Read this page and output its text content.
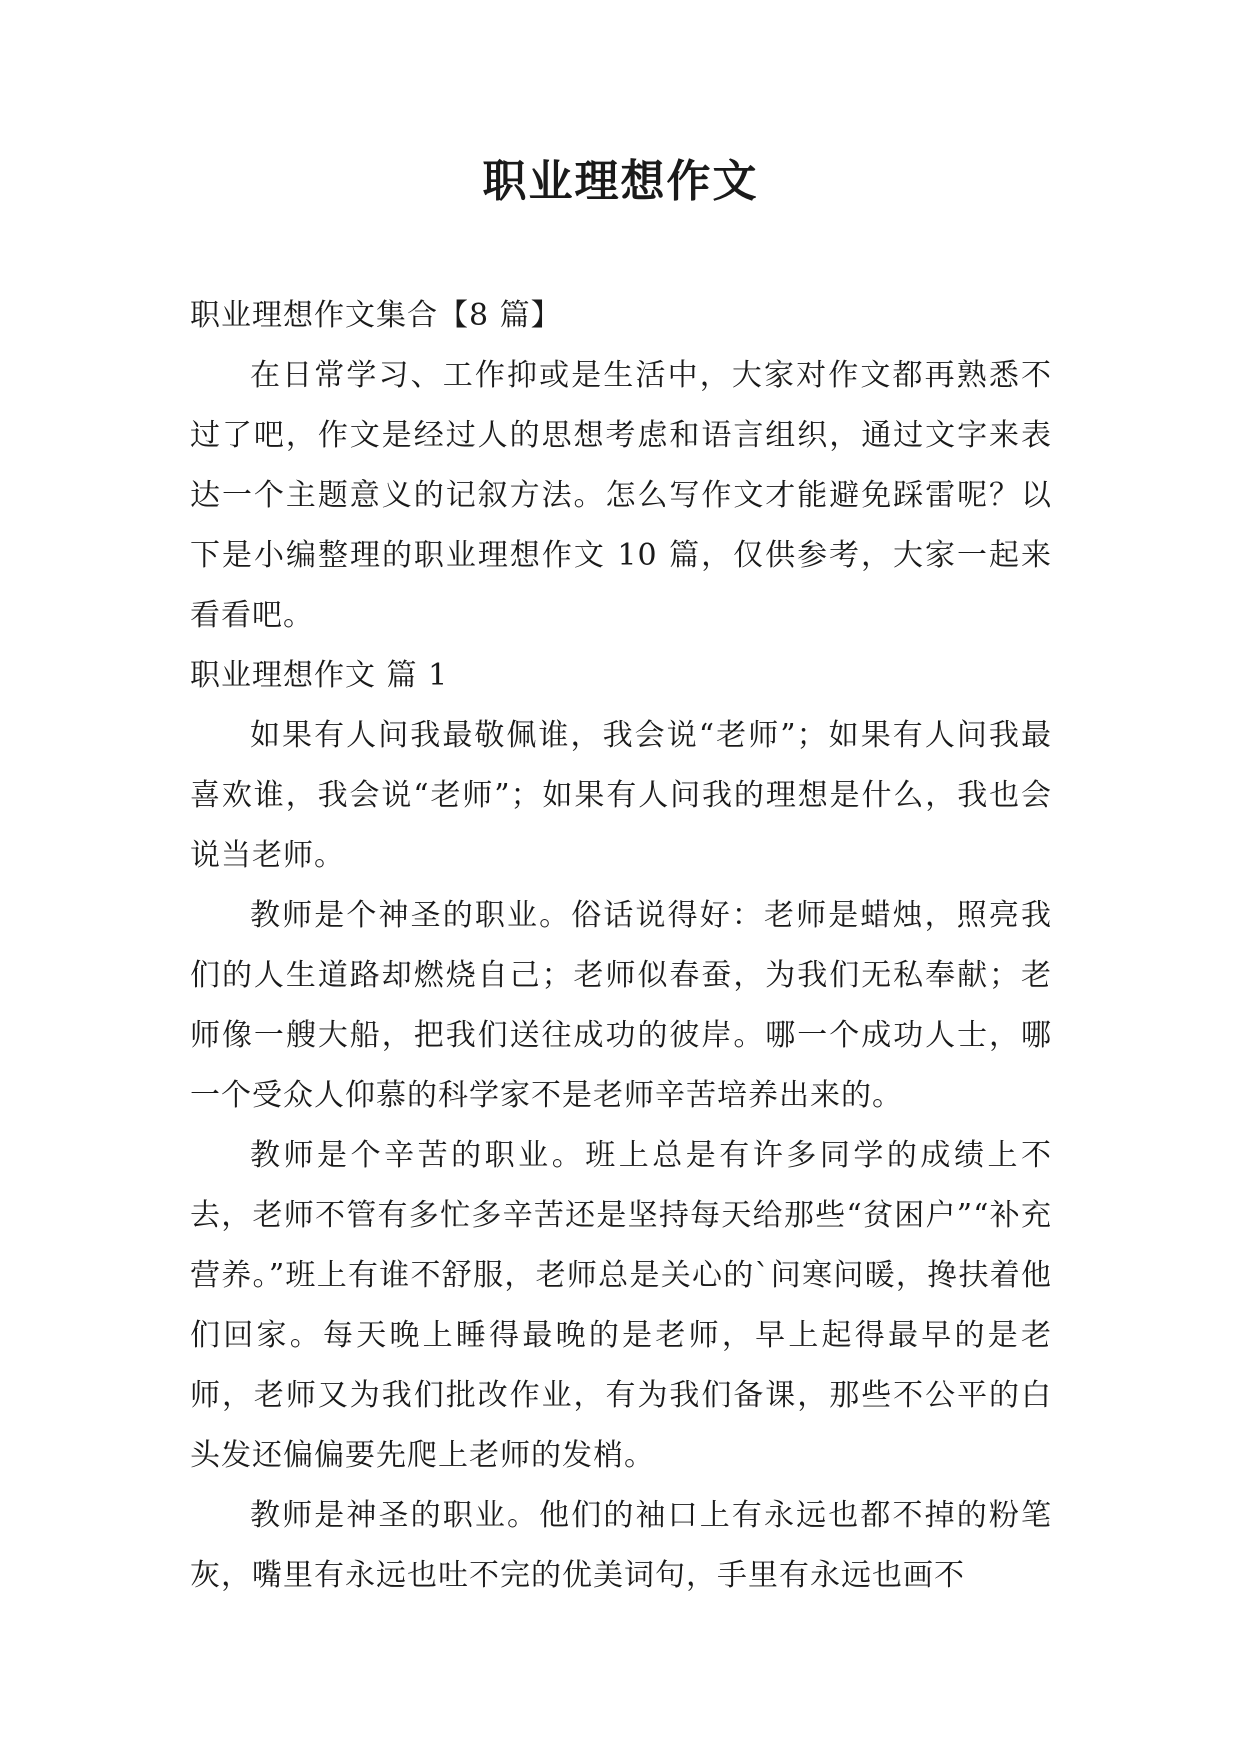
职业理想作文

职业理想作文集合【8 篇】

在日常学习、工作抑或是生活中，大家对作文都再熟悉不过了吧，作文是经过人的思想考虑和语言组织，通过文字来表达一个主题意义的记叙方法。怎么写作文才能避免踩雷呢？以下是小编整理的职业理想作文 10 篇，仅供参考，大家一起来看看吧。

职业理想作文 篇 1

如果有人问我最敬佩谁，我会说“老师”；如果有人问我最喜欢谁，我会说“老师”；如果有人问我的理想是什么，我也会说当老师。

教师是个神圣的职业。俗话说得好：老师是蜡烛，照亮我们的人生道路却燃烧自己；老师似春蚕，为我们无私奉献；老师像一艘大船，把我们送往成功的彼岸。哪一个成功人士，哪一个受众人仰慕的科学家不是老师辛苦培养出来的。

教师是个辛苦的职业。班上总是有许多同学的成绩上不去，老师不管有多忙多辛苦还是坚持每天给那些“贫困户”“补充营养。”班上有谁不舒服，老师总是关心的`问寒问暖，搀扶着他们回家。每天晚上睡得最晚的是老师，早上起得最早的是老师，老师又为我们批改作业，有为我们备课，那些不公平的白头发还偏偏要先爬上老师的发梢。

教师是神圣的职业。他们的袖口上有永远也都不掉的粉笔灰，嘴里有永远也吐不完的优美词句，手里有永远也画不
